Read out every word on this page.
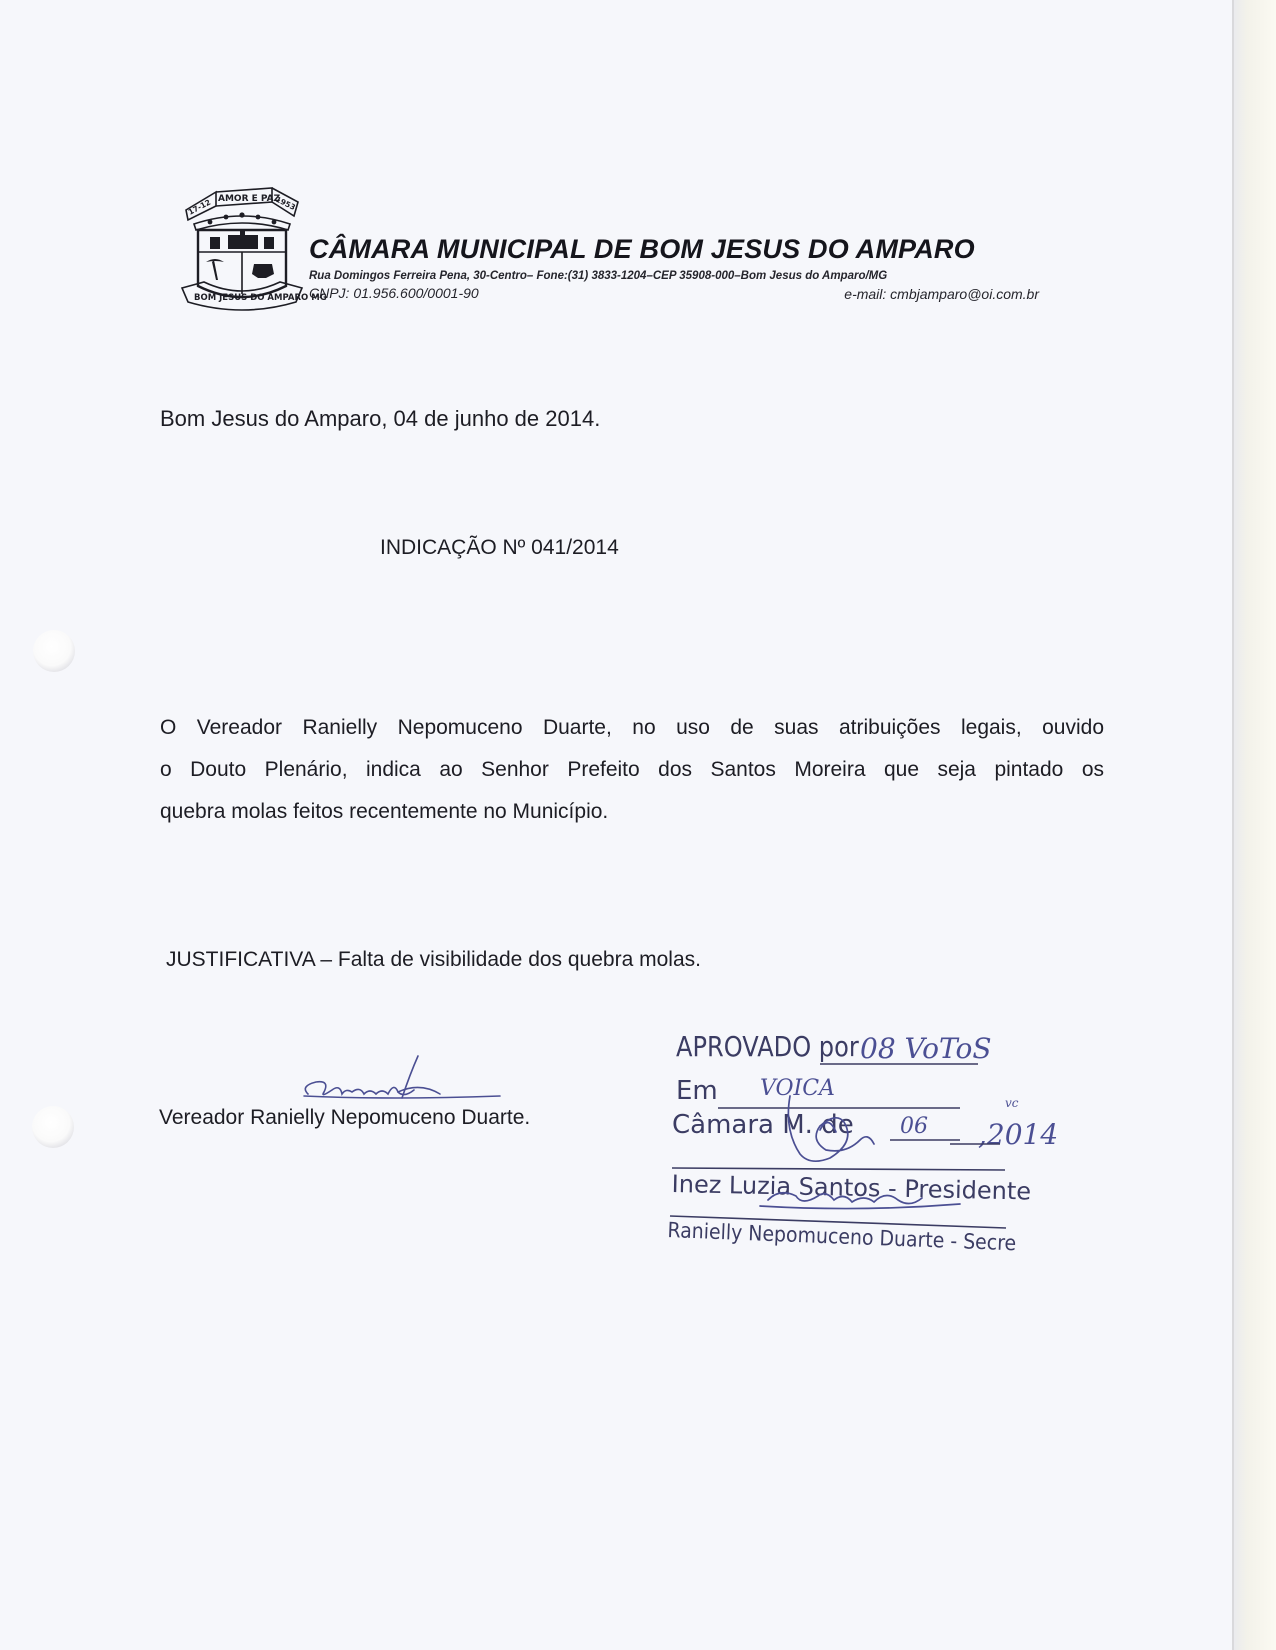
AMOR E PAZ
17-12	1953
BOM JESUS DO AMPARO MG
CÂMARA MUNICIPAL DE BOM JESUS DO AMPARO
Rua Domingos Ferreira Pena, 30-Centro– Fone:(31) 3833-1204–CEP 35908-000–Bom Jesus do Amparo/MG
CNPJ: 01.956.600/0001-90	e-mail: cmbjamparo@oi.com.br
Bom Jesus do Amparo, 04 de junho de 2014.
INDICAÇÃO Nº 041/2014
O Vereador Ranielly Nepomuceno Duarte, no uso de suas atribuições legais, ouvido
o Douto Plenário, indica ao Senhor Prefeito dos Santos Moreira que seja pintado os
quebra molas feitos recentemente no Município.
JUSTIFICATIVA – Falta de visibilidade dos quebra molas.
Vereador Ranielly Nepomuceno Duarte.
APROVADO por 08 VoToS
Em VOICA
Câmara M. de 06 ,2014
vc
Inez Luzia Santos - Presidente
Ranielly Nepomuceno Duarte - Secre
